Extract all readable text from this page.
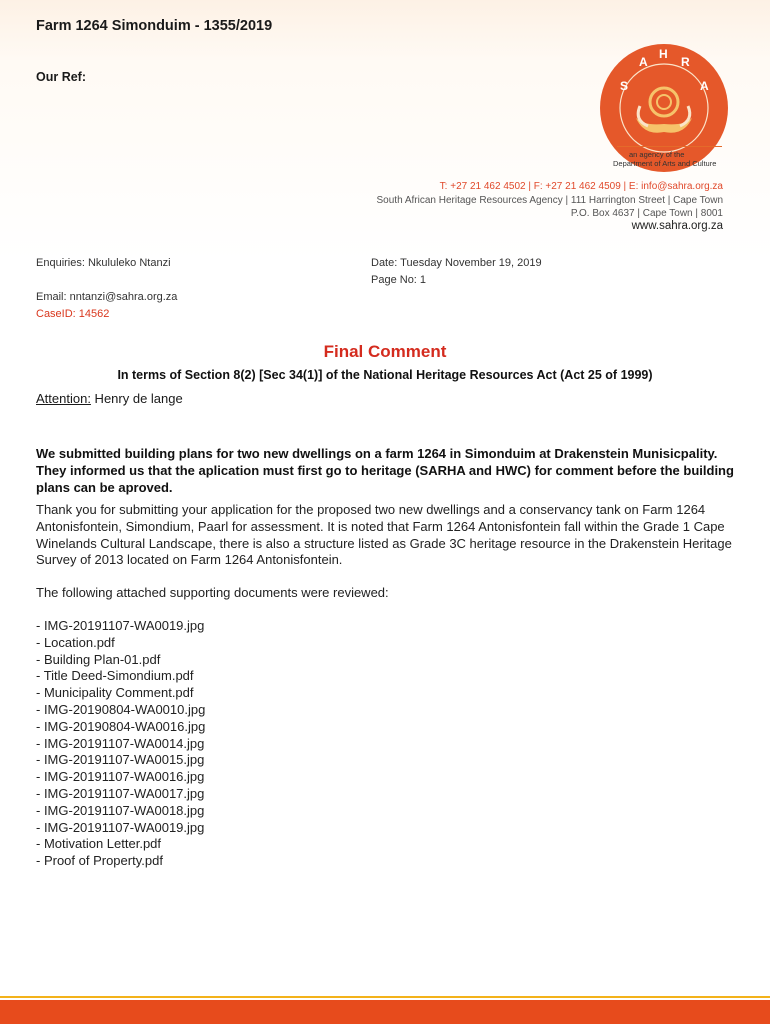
Farm 1264 Simonduim - 1355/2019
Our Ref:
S
A
H
R
A
an agency of the
Department of Arts and Culture
T: +27 21 462 4502 | F: +27 21 462 4509 | E: info@sahra.org.za
South African Heritage Resources Agency | 111 Harrington Street | Cape Town
P.O. Box 4637 | Cape Town | 8001
www.sahra.org.za
Enquiries: Nkululeko Ntanzi	Date: Tuesday November 19, 2019
Page No: 1
Email: nntanzi@sahra.org.za
CaseID: 14562
Final Comment
In terms of Section 8(2) [Sec 34(1)] of the National Heritage Resources Act (Act 25 of 1999)
Attention: Henry de lange
We submitted building plans for two new dwellings on a farm 1264 in Simonduim at Drakenstein Munisicpality. They informed us that the aplication must first go to heritage (SARHA and HWC) for comment before the building plans can be aproved.
Thank you for submitting your application for the proposed two new dwellings and a conservancy tank on Farm 1264 Antonisfontein, Simondium, Paarl for assessment. It is noted that Farm 1264 Antonisfontein fall within the Grade 1 Cape Winelands Cultural Landscape, there is also a structure listed as Grade 3C heritage resource in the Drakenstein Heritage Survey of 2013 located on Farm 1264 Antonisfontein.
The following attached supporting documents were reviewed:
- IMG-20191107-WA0019.jpg
- Location.pdf
- Building Plan-01.pdf
- Title Deed-Simondium.pdf
- Municipality Comment.pdf
- IMG-20190804-WA0010.jpg
- IMG-20190804-WA0016.jpg
- IMG-20191107-WA0014.jpg
- IMG-20191107-WA0015.jpg
- IMG-20191107-WA0016.jpg
- IMG-20191107-WA0017.jpg
- IMG-20191107-WA0018.jpg
- IMG-20191107-WA0019.jpg
- Motivation Letter.pdf
- Proof of Property.pdf
